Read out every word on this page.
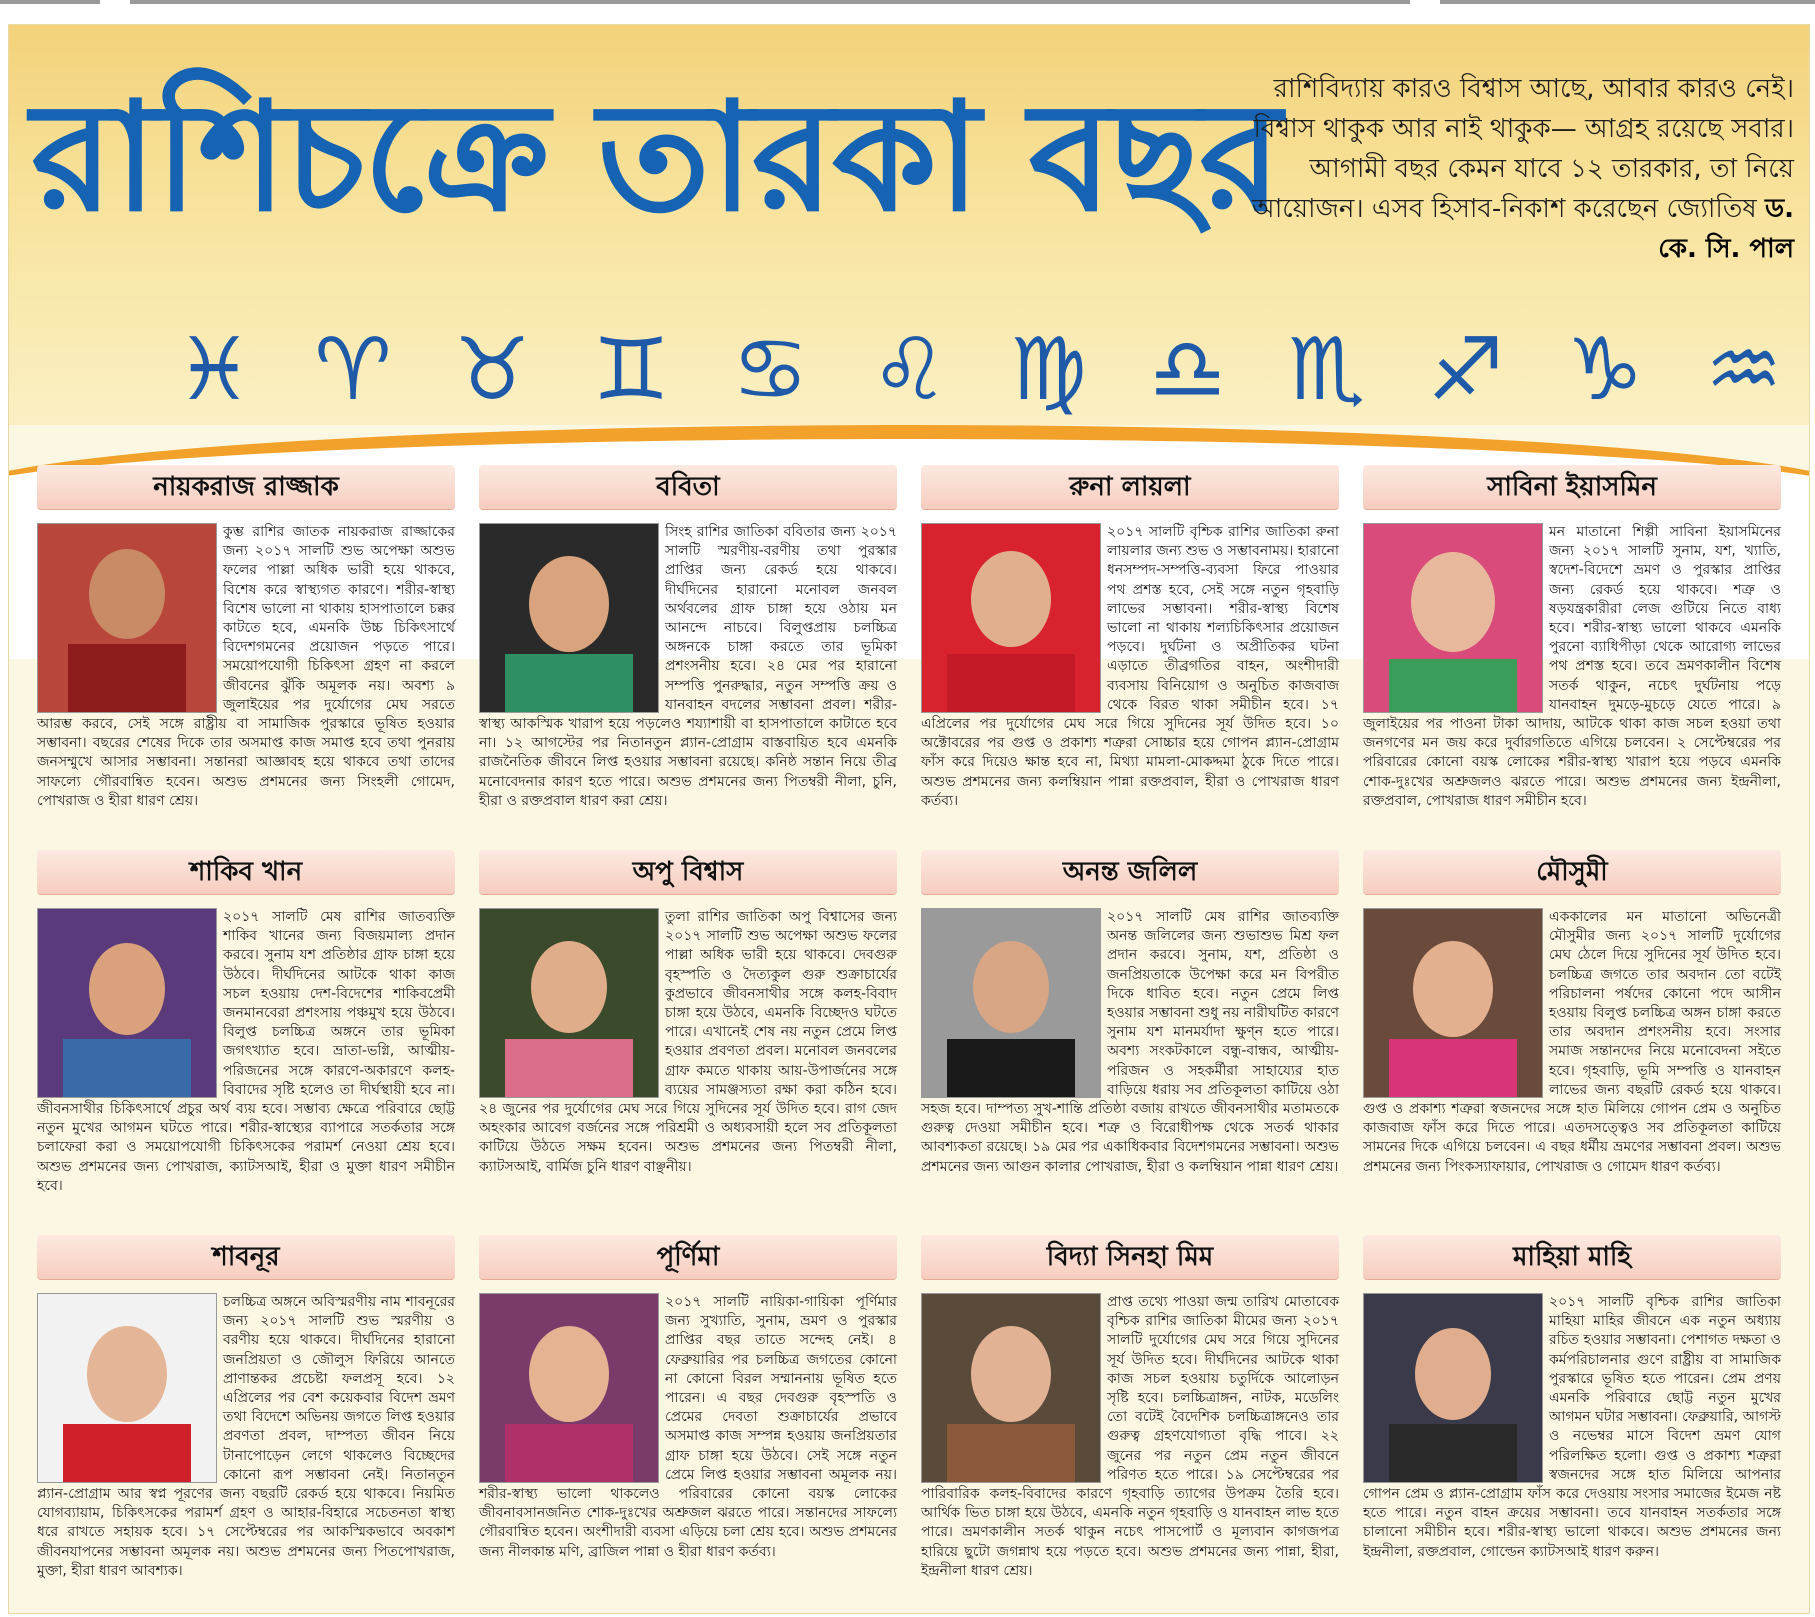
রাশিচক্রে তারকা বছর
রাশিবিদ্যায় কারও বিশ্বাস আছে, আবার কারও নেই। বিশ্বাস থাকুক আর নাই থাকুক— আগ্রহ রয়েছে সবার। আগামী বছর কেমন যাবে ১২ তারকার, তা নিয়ে আয়োজন। এসব হিসাব-নিকাশ করেছেন জ্যোতিষ ড. কে. সি. পাল
♓ ♈ ♉ ♊ ♋ ♌ ♍ ♎ ♏ ♐ ♑ ♒
নায়করাজ রাজ্জাক

কুম্ভ রাশির জাতক নায়করাজ রাজ্জাকের জন্য ২০১৭ সালটি শুভ অপেক্ষা অশুভ ফলের পাল্লা অধিক ভারী হয়ে থাকবে, বিশেষ করে স্বাস্থ্যগত কারণে। শরীর-স্বাস্থ্য বিশেষ ভালো না থাকায় হাসপাতালে চক্কর কাটতে হবে, এমনকি উচ্চ চিকিৎসার্থে বিদেশগমনের প্রয়োজন পড়তে পারে। সময়োপযোগী চিকিৎসা গ্রহণ না করলে জীবনের ঝুঁকি অমূলক নয়। অবশ্য ৯ জুলাইয়ের পর দুর্যোগের মেঘ সরতে আরম্ভ করবে, সেই সঙ্গে রাষ্ট্রীয় বা সামাজিক পুরস্কারে ভূষিত হওয়ার সম্ভাবনা। বছরের শেষের দিকে তার অসমাপ্ত কাজ সমাপ্ত হবে তথা পুনরায় জনসম্মুখে আসার সম্ভাবনা। সন্তানরা আজ্ঞাবহ হয়ে থাকবে তথা তাদের সাফল্যে গৌরবান্বিত হবেন। অশুভ প্রশমনের জন্য সিংহলী গোমেদ, পোখরাজ ও হীরা ধারণ শ্রেয়।

ববিতা

সিংহ রাশির জাতিকা ববিতার জন্য ২০১৭ সালটি স্মরণীয়-বরণীয় তথা পুরস্কার প্রাপ্তির জন্য রেকর্ড হয়ে থাকবে। দীর্ঘদিনের হারানো মনোবল জনবল অর্থবলের গ্রাফ চাঙ্গা হয়ে ওঠায় মন আনন্দে নাচবে। বিলুপ্তপ্রায় চলচ্চিত্র অঙ্গনকে চাঙ্গা করতে তার ভূমিকা প্রশংসনীয় হবে। ২৪ মের পর হারানো সম্পত্তি পুনরুদ্ধার, নতুন সম্পত্তি ক্রয় ও যানবাহন বদলের সম্ভাবনা প্রবল। শরীর-স্বাস্থ্য আকস্মিক খারাপ হয়ে পড়লেও শয্যাশায়ী বা হাসপাতালে কাটাতে হবে না। ১২ আগস্টের পর নিতানতুন প্ল্যান-প্রোগ্রাম বাস্তবায়িত হবে এমনকি রাজনৈতিক জীবনে লিপ্ত হওয়ার সম্ভাবনা রয়েছে। কনিষ্ঠ সন্তান নিয়ে তীব্র মনোবেদনার কারণ হতে পারে। অশুভ প্রশমনের জন্য পিতম্বরী নীলা, চুনি, হীরা ও রক্তপ্রবাল ধারণ করা শ্রেয়।

রুনা লায়লা

২০১৭ সালটি বৃশ্চিক রাশির জাতিকা রুনা লায়লার জন্য শুভ ও সম্ভাবনাময়। হারানো ধনসম্পদ-সম্পত্তি-ব্যবসা ফিরে পাওয়ার পথ প্রশস্ত হবে, সেই সঙ্গে নতুন গৃহবাড়ি লাভের সম্ভাবনা। শরীর-স্বাস্থ্য বিশেষ ভালো না থাকায় শল্যচিকিৎসার প্রয়োজন পড়বে। দুর্ঘটনা ও অপ্রীতিকর ঘটনা এড়াতে তীব্রগতির বাহন, অংশীদারী ব্যবসায় বিনিয়োগ ও অনুচিত কাজবাজ থেকে বিরত থাকা সমীচীন হবে। ১৭ এপ্রিলের পর দুর্যোগের মেঘ সরে গিয়ে সুদিনের সূর্য উদিত হবে। ১০ অক্টোবরের পর গুপ্ত ও প্রকাশ্য শত্রুরা সোচ্চার হয়ে গোপন প্ল্যান-প্রোগ্রাম ফাঁস করে দিয়েও ক্ষান্ত হবে না, মিথ্যা মামলা-মোকদ্দমা ঠুকে দিতে পারে। অশুভ প্রশমনের জন্য কলম্বিয়ান পান্না রক্তপ্রবাল, হীরা ও পোখরাজ ধারণ কর্তব্য।

সাবিনা ইয়াসমিন

মন মাতানো শিল্পী সাবিনা ইয়াসমিনের জন্য ২০১৭ সালটি সুনাম, যশ, খ্যাতি, স্বদেশ-বিদেশে ভ্রমণ ও পুরস্কার প্রাপ্তির জন্য রেকর্ড হয়ে থাকবে। শত্রু ও ষড়যন্ত্রকারীরা লেজ গুটিয়ে নিতে বাধ্য হবে। শরীর-স্বাস্থ্য ভালো থাকবে এমনকি পুরনো ব্যাধিপীড়া থেকে আরোগ্য লাভের পথ প্রশস্ত হবে। তবে ভ্রমণকালীন বিশেষ সতর্ক থাকুন, নচেৎ দুর্ঘটনায় পড়ে যানবাহন দুমড়ে-মুচড়ে যেতে পারে। ৯ জুলাইয়ের পর পাওনা টাকা আদায়, আটকে থাকা কাজ সচল হওয়া তথা জনগণের মন জয় করে দুর্বারগতিতে এগিয়ে চলবেন। ২ সেপ্টেম্বরের পর পরিবারের কোনো বয়স্ক লোকের শরীর-স্বাস্থ্য খারাপ হয়ে পড়বে এমনকি শোক-দুঃখের অশ্রুজলও ঝরতে পারে। অশুভ প্রশমনের জন্য ইন্দ্রনীলা, রক্তপ্রবাল, পোখরাজ ধারণ সমীচীন হবে।

শাকিব খান

২০১৭ সালটি মেষ রাশির জাতব্যক্তি শাকিব খানের জন্য বিজয়মাল্য প্রদান করবে। সুনাম যশ প্রতিষ্ঠার গ্রাফ চাঙ্গা হয়ে উঠবে। দীর্ঘদিনের আটকে থাকা কাজ সচল হওয়ায় দেশ-বিদেশের শাকিবপ্রেমী জনমানবেরা প্রশংসায় পঞ্চমুখ হয়ে উঠবে। বিলুপ্ত চলচ্চিত্র অঙ্গনে তার ভূমিকা জগৎখ্যাত হবে। ভ্রাতা-ভগ্নি, আত্মীয়-পরিজনের সঙ্গে কারণে-অকারণে কলহ-বিবাদের সৃষ্টি হলেও তা দীর্ঘস্থায়ী হবে না। জীবনসাথীর চিকিৎসার্থে প্রচুর অর্থ ব্যয় হবে। সম্ভাব্য ক্ষেত্রে পরিবারে ছোট্ট নতুন মুখের আগমন ঘটতে পারে। শরীর-স্বাস্থ্যের ব্যাপারে সতর্কতার সঙ্গে চলাফেরা করা ও সময়োপযোগী চিকিৎসকের পরামর্শ নেওয়া শ্রেয় হবে। অশুভ প্রশমনের জন্য পোখরাজ, ক্যাটসআই, হীরা ও মুক্তা ধারণ সমীচীন হবে।

অপু বিশ্বাস

তুলা রাশির জাতিকা অপু বিশ্বাসের জন্য ২০১৭ সালটি শুভ অপেক্ষা অশুভ ফলের পাল্লা অধিক ভারী হয়ে থাকবে। দেবগুরু বৃহস্পতি ও দৈত্যকুল গুরু শুক্রাচার্যের কুপ্রভাবে জীবনসাথীর সঙ্গে কলহ-বিবাদ চাঙ্গা হয়ে উঠবে, এমনকি বিচ্ছেদও ঘটতে পারে। এখানেই শেষ নয় নতুন প্রেমে লিপ্ত হওয়ার প্রবণতা প্রবল। মনোবল জনবলের গ্রাফ কমতে থাকায় আয়-উপার্জনের সঙ্গে ব্যয়ের সামঞ্জস্যতা রক্ষা করা কঠিন হবে। ২৪ জুনের পর দুর্যোগের মেঘ সরে গিয়ে সুদিনের সূর্য উদিত হবে। রাগ জেদ অহংকার আবেগ বর্জনের সঙ্গে পরিশ্রমী ও অধ্যবসায়ী হলে সব প্রতিকূলতা কাটিয়ে উঠতে সক্ষম হবেন। অশুভ প্রশমনের জন্য পিতম্বরী নীলা, ক্যাটসআই, বার্মিজ চুনি ধারণ বাঞ্ছনীয়।

অনন্ত জলিল

২০১৭ সালটি মেষ রাশির জাতব্যক্তি অনন্ত জলিলের জন্য শুভাশুভ মিশ্র ফল প্রদান করবে। সুনাম, যশ, প্রতিষ্ঠা ও জনপ্রিয়তাকে উপেক্ষা করে মন বিপরীত দিকে ধাবিত হবে। নতুন প্রেমে লিপ্ত হওয়ার সম্ভাবনা শুধু নয় নারীঘটিত কারণে সুনাম যশ মানমর্যাদা ক্ষুণ্ন হতে পারে। অবশ্য সংকটকালে বন্ধু-বান্ধব, আত্মীয়-পরিজন ও সহকর্মীরা সাহায্যের হাত বাড়িয়ে ধরায় সব প্রতিকূলতা কাটিয়ে ওঠা সহজ হবে। দাম্পত্য সুখ-শান্তি প্রতিষ্ঠা বজায় রাখতে জীবনসাথীর মতামতকে গুরুত্ব দেওয়া সমীচীন হবে। শত্রু ও বিরোধীপক্ষ থেকে সতর্ক থাকার আবশ্যকতা রয়েছে। ১৯ মের পর একাধিকবার বিদেশগমনের সম্ভাবনা। অশুভ প্রশমনের জন্য আগুন কালার পোখরাজ, হীরা ও কলম্বিয়ান পান্না ধারণ শ্রেয়।

মৌসুমী

এককালের মন মাতানো অভিনেত্রী মৌসুমীর জন্য ২০১৭ সালটি দুর্যোগের মেঘ ঠেলে দিয়ে সুদিনের সূর্য উদিত হবে। চলচ্চিত্র জগতে তার অবদান তো বটেই পরিচালনা পর্ষদের কোনো পদে আসীন হওয়ায় বিলুপ্ত চলচ্চিত্র অঙ্গন চাঙ্গা করতে তার অবদান প্রশংসনীয় হবে। সংসার সমাজ সন্তানদের নিয়ে মনোবেদনা সইতে হবে। গৃহবাড়ি, ভূমি সম্পত্তি ও যানবাহন লাভের জন্য বছরটি রেকর্ড হয়ে থাকবে। গুপ্ত ও প্রকাশ্য শত্রুরা স্বজনদের সঙ্গে হাত মিলিয়ে গোপন প্রেম ও অনুচিত কাজবাজ ফাঁস করে দিতে পারে। এতদসত্ত্বেও সব প্রতিকূলতা কাটিয়ে সামনের দিকে এগিয়ে চলবেন। এ বছর ধর্মীয় ভ্রমণের সম্ভাবনা প্রবল। অশুভ প্রশমনের জন্য পিংকস্যাফায়ার, পোখরাজ ও গোমেদ ধারণ কর্তব্য।

শাবনূর

চলচ্চিত্র অঙ্গনে অবিস্মরণীয় নাম শাবনূরের জন্য ২০১৭ সালটি শুভ স্মরণীয় ও বরণীয় হয়ে থাকবে। দীর্ঘদিনের হারানো জনপ্রিয়তা ও জৌলুস ফিরিয়ে আনতে প্রাণান্তকর প্রচেষ্টা ফলপ্রসূ হবে। ১২ এপ্রিলের পর বেশ কয়েকবার বিদেশ ভ্রমণ তথা বিদেশে অভিনয় জগতে লিপ্ত হওয়ার প্রবণতা প্রবল, দাম্পত্য জীবন নিয়ে টানাপোড়েন লেগে থাকলেও বিচ্ছেদের কোনো রূপ সম্ভাবনা নেই। নিতানতুন প্ল্যান-প্রোগ্রাম আর স্বপ্ন পূরণের জন্য বছরটি রেকর্ড হয়ে থাকবে। নিয়মিত যোগব্যায়াম, চিকিৎসকের পরামর্শ গ্রহণ ও আহার-বিহারে সচেতনতা স্বাস্থ্য ধরে রাখতে সহায়ক হবে। ১৭ সেপ্টেম্বরের পর আকস্মিকভাবে অবকাশ জীবনযাপনের সম্ভাবনা অমূলক নয়। অশুভ প্রশমনের জন্য পিতপোখরাজ, মুক্তা, হীরা ধারণ আবশ্যক।

পূর্ণিমা

২০১৭ সালটি নায়িকা-গায়িকা পূর্ণিমার জন্য সুখ্যাতি, সুনাম, ভ্রমণ ও পুরস্কার প্রাপ্তির বছর তাতে সন্দেহ নেই। ৪ ফেব্রুয়ারির পর চলচ্চিত্র জগতের কোনো না কোনো বিরল সম্মাননায় ভূষিত হতে পারেন। এ বছর দেবগুরু বৃহস্পতি ও প্রেমের দেবতা শুক্রাচার্যের প্রভাবে অসমাপ্ত কাজ সম্পন্ন হওয়ায় জনপ্রিয়তার গ্রাফ চাঙ্গা হয়ে উঠবে। সেই সঙ্গে নতুন প্রেমে লিপ্ত হওয়ার সম্ভাবনা অমূলক নয়। শরীর-স্বাস্থ্য ভালো থাকলেও পরিবারের কোনো বয়স্ক লোকের জীবনাবসানজনিত শোক-দুঃখের অশ্রুজল ঝরতে পারে। সন্তানদের সাফল্যে গৌরবান্বিত হবেন। অংশীদারী ব্যবসা এড়িয়ে চলা শ্রেয় হবে। অশুভ প্রশমনের জন্য নীলকান্ত মণি, ব্রাজিল পান্না ও হীরা ধারণ কর্তব্য।

বিদ্যা সিনহা মিম

প্রাপ্ত তথ্যে পাওয়া জন্ম তারিখ মোতাবেক বৃশ্চিক রাশির জাতিকা মীমের জন্য ২০১৭ সালটি দুর্যোগের মেঘ সরে গিয়ে সুদিনের সূর্য উদিত হবে। দীর্ঘদিনের আটকে থাকা কাজ সচল হওয়ায় চতুর্দিকে আলোড়ন সৃষ্টি হবে। চলচ্চিত্রাঙ্গন, নাটক, মডেলিং তো বটেই বৈদেশিক চলচ্চিত্রাঙ্গনেও তার গুরুত্ব গ্রহণযোগ্যতা বৃদ্ধি পাবে। ২২ জুনের পর নতুন প্রেম নতুন জীবনে পরিণত হতে পারে। ১৯ সেপ্টেম্বরের পর পারিবারিক কলহ-বিবাদের কারণে গৃহবাড়ি ত্যাগের উপক্রম তৈরি হবে। আর্থিক ভিত চাঙ্গা হয়ে উঠবে, এমনকি নতুন গৃহবাড়ি ও যানবাহন লাভ হতে পারে। ভ্রমণকালীন সতর্ক থাকুন নচেৎ পাসপোর্ট ও মূল্যবান কাগজপত্র হারিয়ে ছুটো জগন্নাথ হয়ে পড়তে হবে। অশুভ প্রশমনের জন্য পান্না, হীরা, ইন্দ্রনীলা ধারণ শ্রেয়।

মাহিয়া মাহি

২০১৭ সালটি বৃশ্চিক রাশির জাতিকা মাহিয়া মাহির জীবনে এক নতুন অধ্যায় রচিত হওয়ার সম্ভাবনা। পেশাগত দক্ষতা ও কর্মপরিচালনার গুণে রাষ্ট্রীয় বা সামাজিক পুরস্কারে ভূষিত হতে পারেন। প্রেম প্রণয় এমনকি পরিবারে ছোট্ট নতুন মুখের আগমন ঘটার সম্ভাবনা। ফেব্রুয়ারি, আগস্ট ও নভেম্বর মাসে বিদেশ ভ্রমণ যোগ পরিলক্ষিত হলো। গুপ্ত ও প্রকাশ্য শত্রুরা স্বজনদের সঙ্গে হাত মিলিয়ে আপনার গোপন প্রেম ও প্ল্যান-প্রোগ্রাম ফাঁস করে দেওয়ায় সংসার সমাজের ইমেজ নষ্ট হতে পারে। নতুন বাহন ক্রয়ের সম্ভাবনা। তবে যানবাহন সতর্কতার সঙ্গে চালানো সমীচীন হবে। শরীর-স্বাস্থ্য ভালো থাকবে। অশুভ প্রশমনের জন্য ইন্দ্রনীলা, রক্তপ্রবাল, গোল্ডেন ক্যাটসআই ধারণ করুন।
